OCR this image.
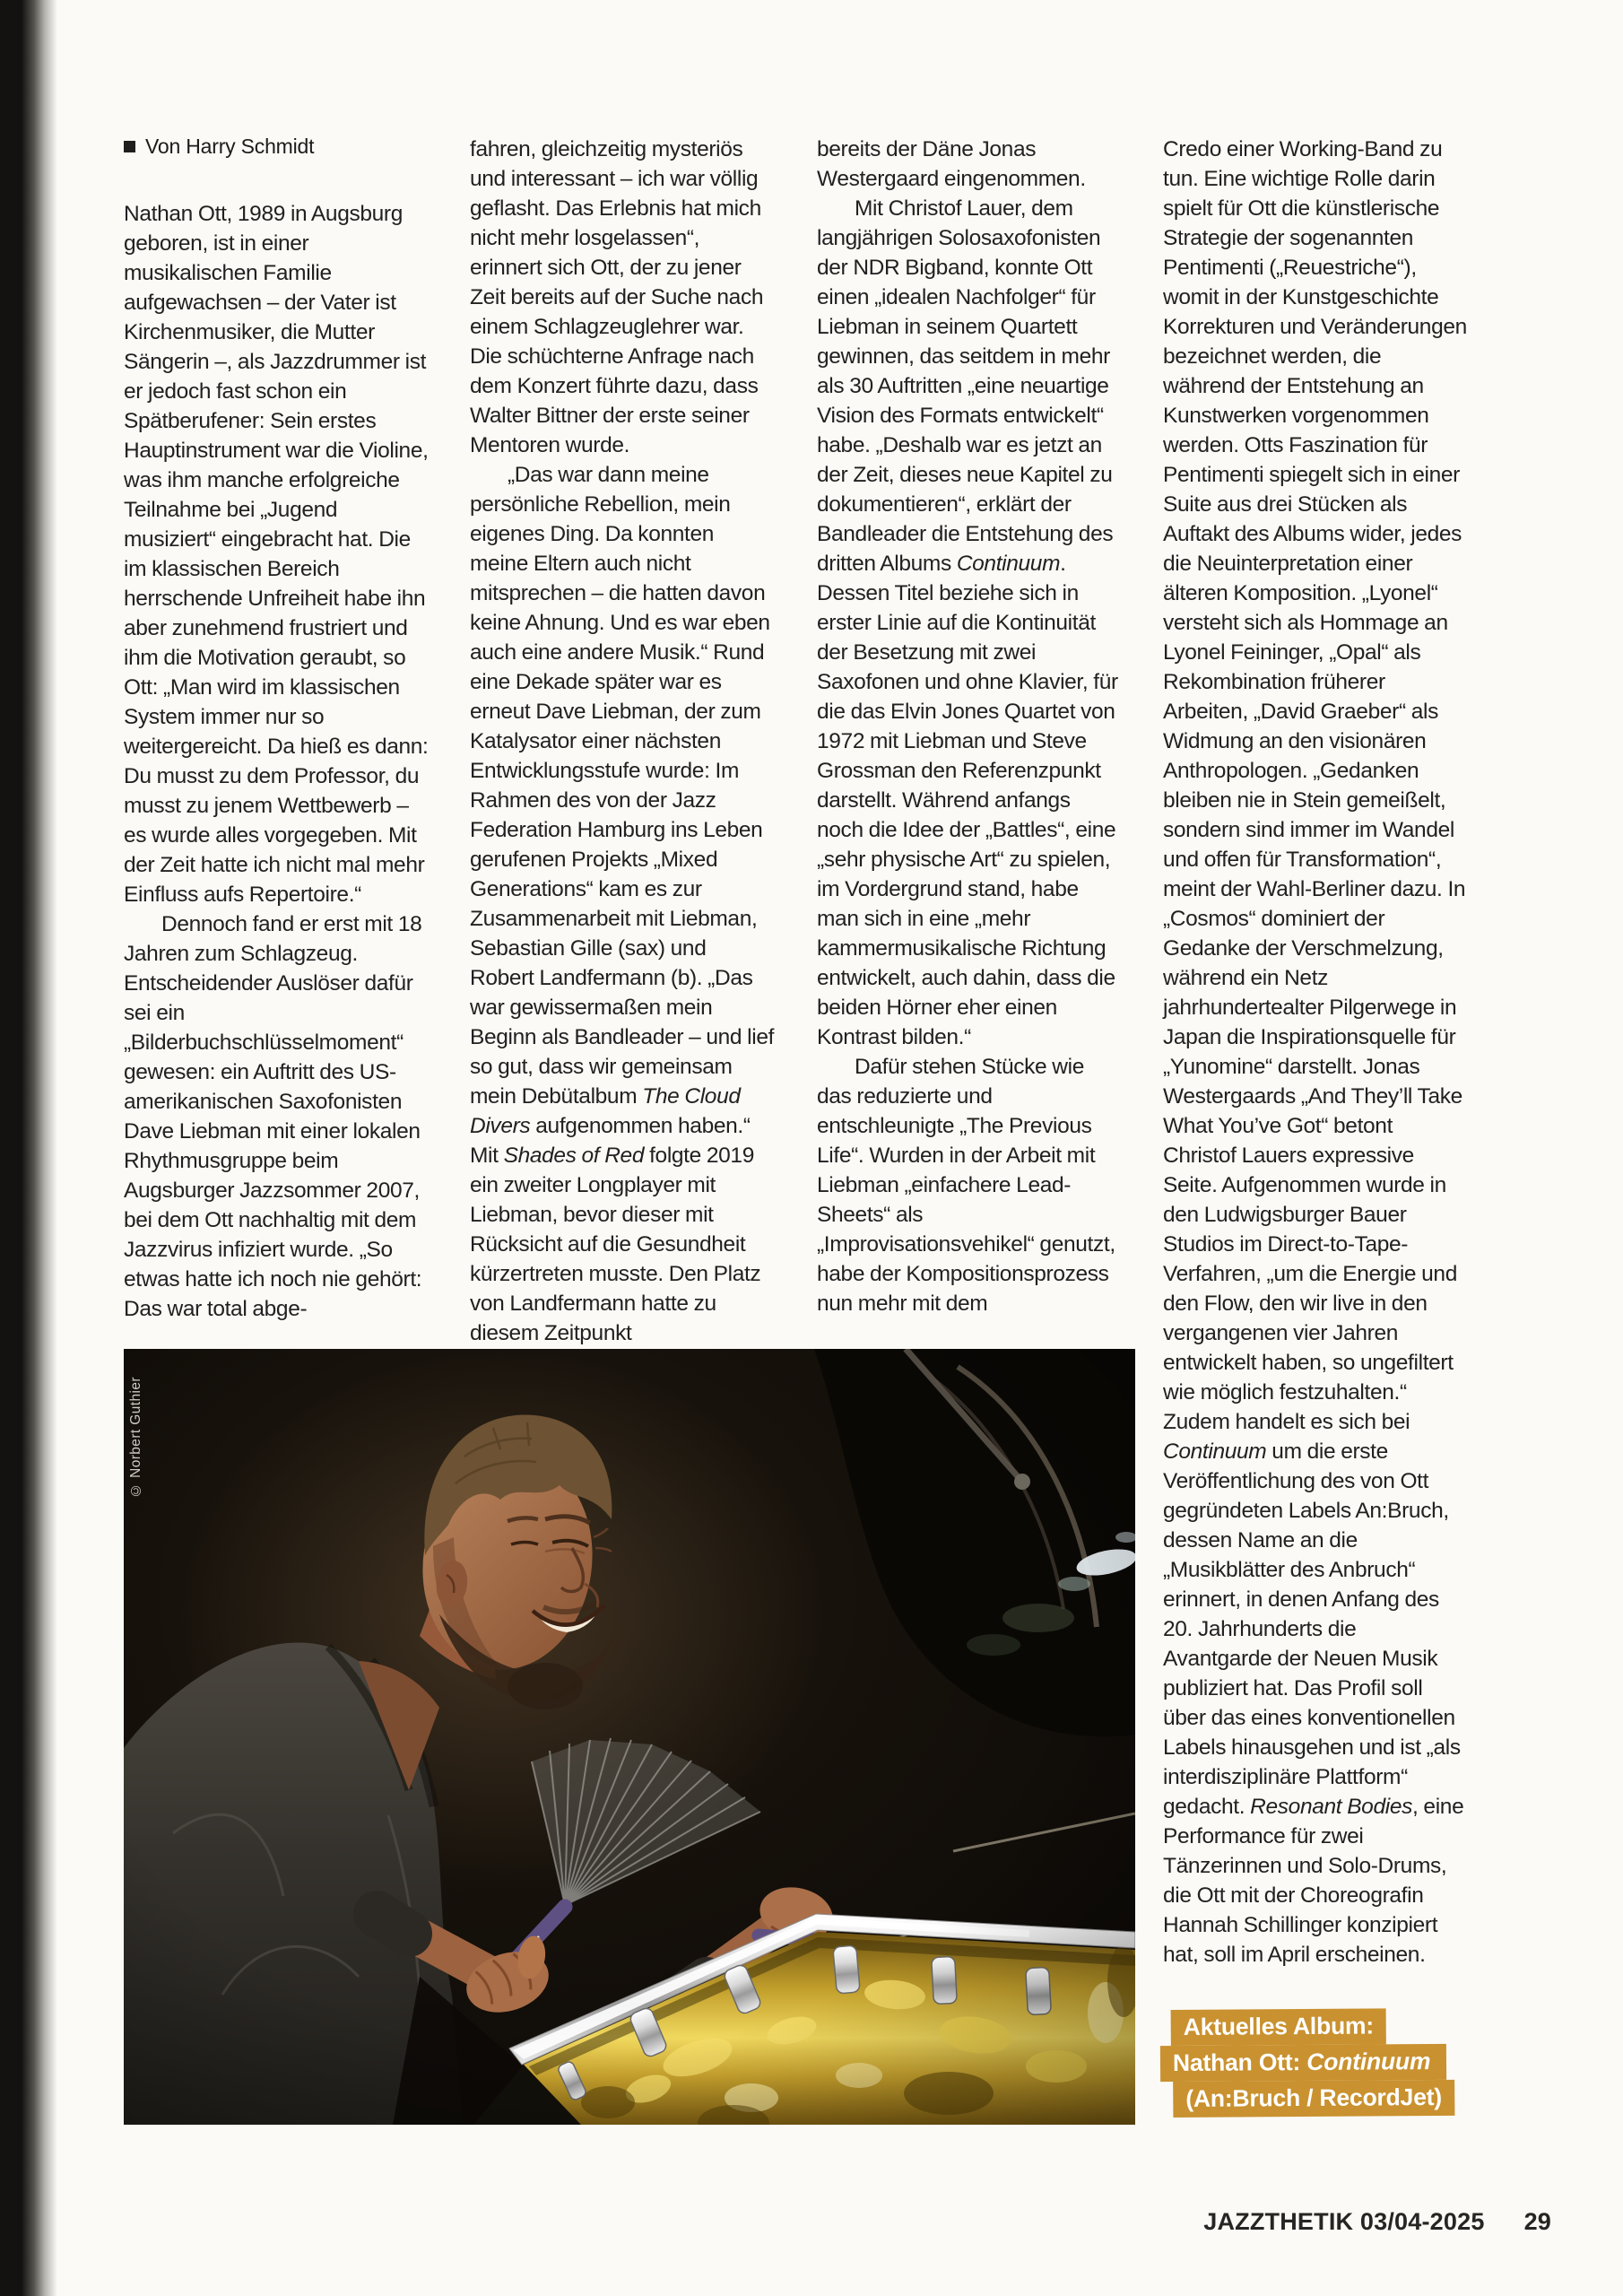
Von Harry Schmidt

Nathan Ott, 1989 in Augsburg geboren, ist in einer musikalischen Familie aufgewachsen – der Vater ist Kirchenmusiker, die Mutter Sängerin –, als Jazzdrummer ist er jedoch fast schon ein Spätberufener: Sein erstes Hauptinstrument war die Violine, was ihm manche erfolgreiche Teilnahme bei „Jugend musiziert“ eingebracht hat. Die im klassischen Bereich herrschende Unfreiheit habe ihn aber zunehmend frustriert und ihm die Motivation geraubt, so Ott: „Man wird im klassischen System immer nur so weitergereicht. Da hieß es dann: Du musst zu dem Professor, du musst zu jenem Wettbewerb – es wurde alles vorgegeben. Mit der Zeit hatte ich nicht mal mehr Einfluss aufs Repertoire.“

Dennoch fand er erst mit 18 Jahren zum Schlagzeug. Entscheidender Auslöser dafür sei ein „Bilderbuchschlüsselmoment“ gewesen: ein Auftritt des US-amerikanischen Saxofonisten Dave Liebman mit einer lokalen Rhythmusgruppe beim Augsburger Jazzsommer 2007, bei dem Ott nachhaltig mit dem Jazzvirus infiziert wurde. „So etwas hatte ich noch nie gehört: Das war total abge-

fahren, gleichzeitig mysteriös und interessant – ich war völlig geflasht. Das Erlebnis hat mich nicht mehr losgelassen“, erinnert sich Ott, der zu jener Zeit bereits auf der Suche nach einem Schlagzeuglehrer war. Die schüchterne Anfrage nach dem Konzert führte dazu, dass Walter Bittner der erste seiner Mentoren wurde.

„Das war dann meine persönliche Rebellion, mein eigenes Ding. Da konnten meine Eltern auch nicht mitsprechen – die hatten davon keine Ahnung. Und es war eben auch eine andere Musik.“ Rund eine Dekade später war es erneut Dave Liebman, der zum Katalysator einer nächsten Entwicklungsstufe wurde: Im Rahmen des von der Jazz Federation Hamburg ins Leben gerufenen Projekts „Mixed Generations“ kam es zur Zusammenarbeit mit Liebman, Sebastian Gille (sax) und Robert Landfermann (b). „Das war gewissermaßen mein Beginn als Bandleader – und lief so gut, dass wir gemeinsam mein Debütalbum The Cloud Divers aufgenommen haben.“ Mit Shades of Red folgte 2019 ein zweiter Longplayer mit Liebman, bevor dieser mit Rücksicht auf die Gesundheit kürzertreten musste. Den Platz von Landfermann hatte zu diesem Zeitpunkt

bereits der Däne Jonas Westergaard eingenommen.

Mit Christof Lauer, dem langjährigen Solosaxofonisten der NDR Bigband, konnte Ott einen „idealen Nachfolger“ für Liebman in seinem Quartett gewinnen, das seitdem in mehr als 30 Auftritten „eine neuartige Vision des Formats entwickelt“ habe. „Deshalb war es jetzt an der Zeit, dieses neue Kapitel zu dokumentieren“, erklärt der Bandleader die Entstehung des dritten Albums Continuum. Dessen Titel beziehe sich in erster Linie auf die Kontinuität der Besetzung mit zwei Saxofonen und ohne Klavier, für die das Elvin Jones Quartet von 1972 mit Liebman und Steve Grossman den Referenzpunkt darstellt. Während anfangs noch die Idee der „Battles“, eine „sehr physische Art“ zu spielen, im Vordergrund stand, habe man sich in eine „mehr kammermusikalische Richtung entwickelt, auch dahin, dass die beiden Hörner eher einen Kontrast bilden.“

Dafür stehen Stücke wie das reduzierte und entschleunigte „The Previous Life“. Wurden in der Arbeit mit Liebman „einfachere Lead-Sheets“ als „Improvisationsvehikel“ genutzt, habe der Kompositionsprozess nun mehr mit dem

Credo einer Working-Band zu tun. Eine wichtige Rolle darin spielt für Ott die künstlerische Strategie der sogenannten Pentimenti („Reuestriche“), womit in der Kunstgeschichte Korrekturen und Veränderungen bezeichnet werden, die während der Entstehung an Kunstwerken vorgenommen werden. Otts Faszination für Pentimenti spiegelt sich in einer Suite aus drei Stücken als Auftakt des Albums wider, jedes die Neuinterpretation einer älteren Komposition. „Lyonel“ versteht sich als Hommage an Lyonel Feininger, „Opal“ als Rekombination früherer Arbeiten, „David Graeber“ als Widmung an den visionären Anthropologen. „Gedanken bleiben nie in Stein gemeißelt, sondern sind immer im Wandel und offen für Transformation“, meint der Wahl-Berliner dazu. In „Cosmos“ dominiert der Gedanke der Verschmelzung, während ein Netz jahrhundertealter Pilgerwege in Japan die Inspirationsquelle für „Yunomine“ darstellt. Jonas Westergaards „And They’ll Take What You’ve Got“ betont Christof Lauers expressive Seite. Aufgenommen wurde in den Ludwigsburger Bauer Studios im Direct-to-Tape-Verfahren, „um die Energie und den Flow, den wir live in den vergangenen vier Jahren entwickelt haben, so ungefiltert wie möglich festzuhalten.“ Zudem handelt es sich bei Continuum um die erste Veröffentlichung des von Ott gegründeten Labels An:Bruch, dessen Name an die „Musikblätter des Anbruch“ erinnert, in denen Anfang des 20. Jahrhunderts die Avantgarde der Neuen Musik publiziert hat. Das Profil soll über das eines konventionellen Labels hinausgehen und ist „als interdisziplinäre Plattform“ gedacht. Resonant Bodies, eine Performance für zwei Tänzerinnen und Solo-Drums, die Ott mit der Choreografin Hannah Schillinger konzipiert hat, soll im April erscheinen.

© Norbert Guthier
Aktuelles Album:
Nathan Ott: Continuum
(An:Bruch / RecordJet)
JAZZTHETIK 03/04-2025 29
